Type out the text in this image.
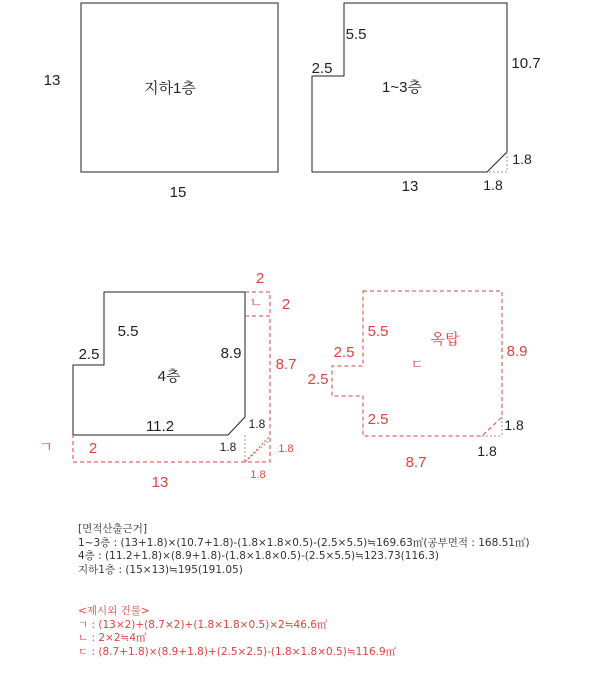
지하1층
13
15
1~3층
5.5
2.5	10.7
13
1.8
1.8
4층
5.5
2.5	8.9
11.2	1.8
1.8
2
2
ㄴ
8.7
ㄱ 2
13
1.8
1.8
옥탑
ㄷ
5.5
2.5
2.5
2.5
8.9
8.7
1.8
1.8
[면적산출근거]
1~3층 : (13+1.8)×(10.7+1.8)-(1.8×1.8×0.5)-(2.5×5.5)≒169.63㎡(공부면적 : 168.51㎡)
4층 : (11.2+1.8)×(8.9+1.8)-(1.8×1.8×0.5)-(2.5×5.5)≒123.73(116.3)
지하1층 : (15×13)≒195(191.05)
<제시외 건물>
ㄱ : (13×2)+(8.7×2)+(1.8×1.8×0.5)×2≒46.6㎡
ㄴ : 2×2≒4㎡
ㄷ : (8.7+1.8)×(8.9+1.8)+(2.5×2.5)-(1.8×1.8×0.5)≒116.9㎡
